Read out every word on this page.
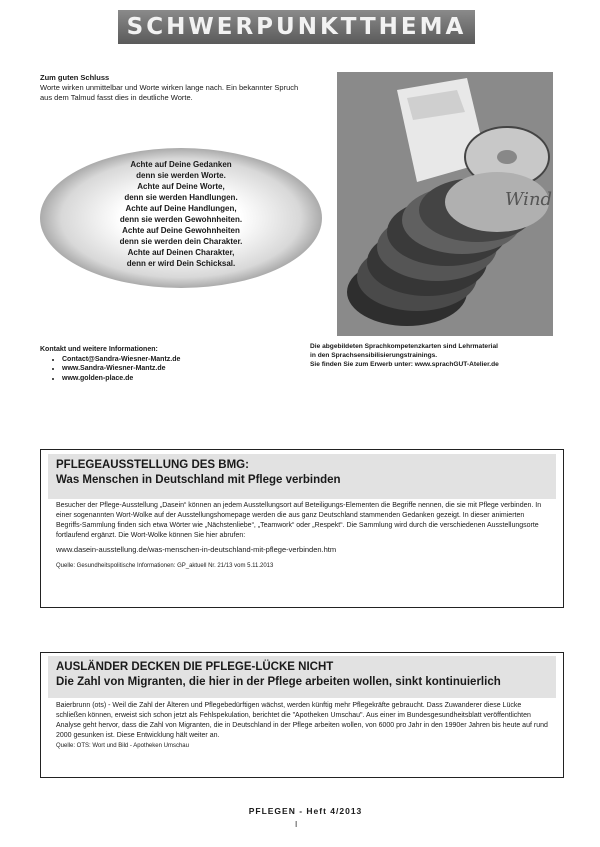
SCHWERPUNKTTHEMA
Zum guten Schluss
Worte wirken unmittelbar und Worte wirken lange nach. Ein bekannter Spruch aus dem Talmud fasst dies in deutliche Worte.
Achte auf Deine Gedanken
denn sie werden Worte.
Achte auf Deine Worte,
denn sie werden Handlungen.
Achte auf Deine Handlungen,
denn sie werden Gewohnheiten.
Achte auf Deine Gewohnheiten
denn sie werden dein Charakter.
Achte auf Deinen Charakter,
denn er wird Dein Schicksal.
Wind
Kontakt und weitere Informationen:
• Contact@Sandra-Wiesner-Mantz.de
• www.Sandra-Wiesner-Mantz.de
• www.golden-place.de
Die abgebildeten Sprachkompetenzkarten sind Lehrmaterial
in den Sprachsensibilisierungstrainings.
Sie finden Sie zum Erwerb unter: www.sprachGUT-Atelier.de
PFLEGEAUSSTELLUNG DES BMG:
Was Menschen in Deutschland mit Pflege verbinden
Besucher der Pflege-Ausstellung „Dasein“ können an jedem Ausstellungsort auf Beteiligungs-Elementen die Begriffe nennen, die sie mit Pflege verbinden. In einer sogenannten Wort-Wolke auf der Ausstellungshomepage werden die aus ganz Deutschland stammenden Gedanken gezeigt. In dieser animierten Begriffs-Sammlung finden sich etwa Wörter wie „Nächstenliebe“, „Teamwork“ oder „Respekt“. Die Sammlung wird durch die verschiedenen Ausstellungsorte fortlaufend ergänzt. Die Wort-Wolke können Sie hier abrufen:
www.dasein-ausstellung.de/was-menschen-in-deutschland-mit-pflege-verbinden.htm
Quelle: Gesundheitspolitische Informationen: GP_aktuell Nr. 21/13 vom 5.11.2013
AUSLÄNDER DECKEN DIE PFLEGE-LÜCKE NICHT
Die Zahl von Migranten, die hier in der Pflege arbeiten wollen, sinkt kontinuierlich
Baierbrunn (ots) - Weil die Zahl der Älteren und Pflegebedürftigen wächst, werden künftig mehr Pflegekräfte gebraucht. Dass Zuwanderer diese Lücke schließen können, erweist sich schon jetzt als Fehlspekulation, berichtet die "Apotheken Umschau". Aus einer im Bundesgesundheitsblatt veröffentlichten Analyse geht hervor, dass die Zahl von Migranten, die in Deutschland in der Pflege arbeiten wollen, von 6000 pro Jahr in den 1990er Jahren bis heute auf rund 2000 gesunken ist. Diese Entwicklung hält weiter an.
Quelle: OTS: Wort und Bild - Apotheken Umschau
PFLEGEN - Heft 4/2013
I
